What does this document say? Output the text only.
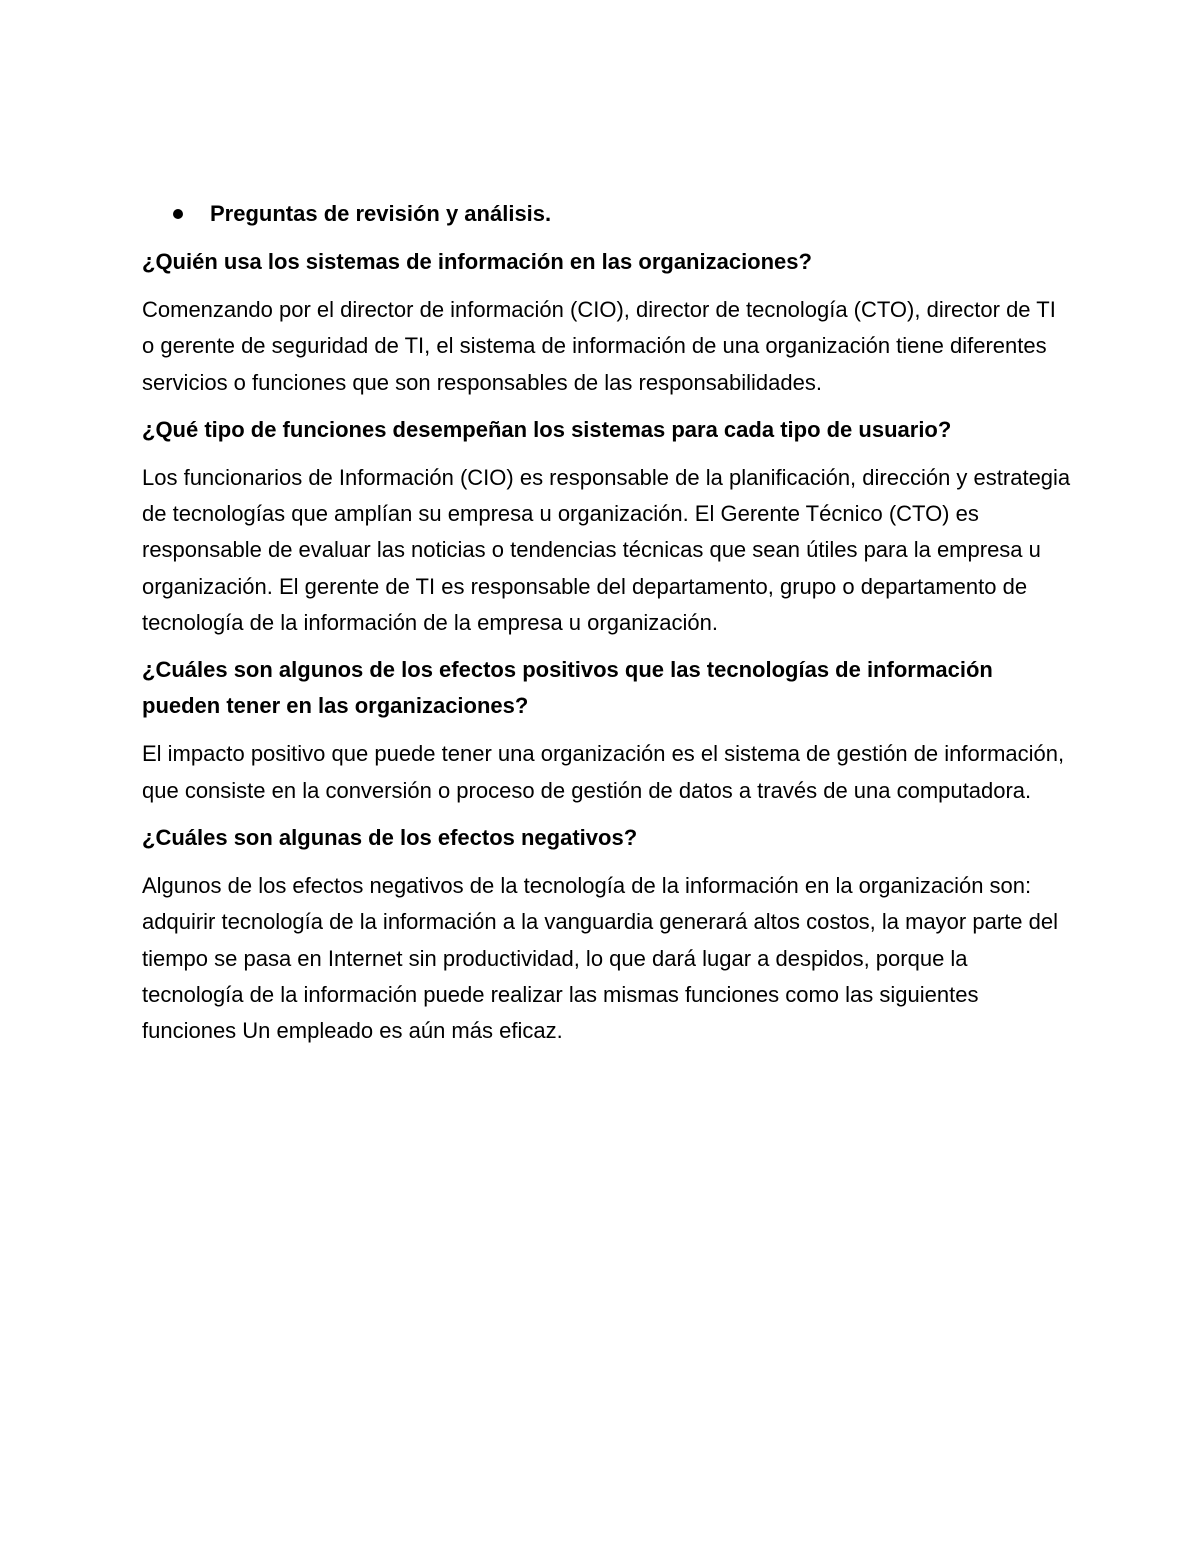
Preguntas de revisión y análisis.

¿Quién usa los sistemas de información en las organizaciones?

Comenzando por el director de información (CIO), director de tecnología (CTO), director de TI o gerente de seguridad de TI, el sistema de información de una organización tiene diferentes servicios o funciones que son responsables de las responsabilidades.

¿Qué tipo de funciones desempeñan los sistemas para cada tipo de usuario?

Los funcionarios de Información (CIO) es responsable de la planificación, dirección y estrategia de tecnologías que amplían su empresa u organización. El Gerente Técnico (CTO) es responsable de evaluar las noticias o tendencias técnicas que sean útiles para la empresa u organización. El gerente de TI es responsable del departamento, grupo o departamento de tecnología de la información de la empresa u organización.

¿Cuáles son algunos de los efectos positivos que las tecnologías de información pueden tener en las organizaciones?

El impacto positivo que puede tener una organización es el sistema de gestión de información, que consiste en la conversión o proceso de gestión de datos a través de una computadora.

¿Cuáles son algunas de los efectos negativos?

Algunos de los efectos negativos de la tecnología de la información en la organización son: adquirir tecnología de la información a la vanguardia generará altos costos, la mayor parte del tiempo se pasa en Internet sin productividad, lo que dará lugar a despidos, porque la tecnología de la información puede realizar las mismas funciones como las siguientes funciones Un empleado es aún más eficaz.
